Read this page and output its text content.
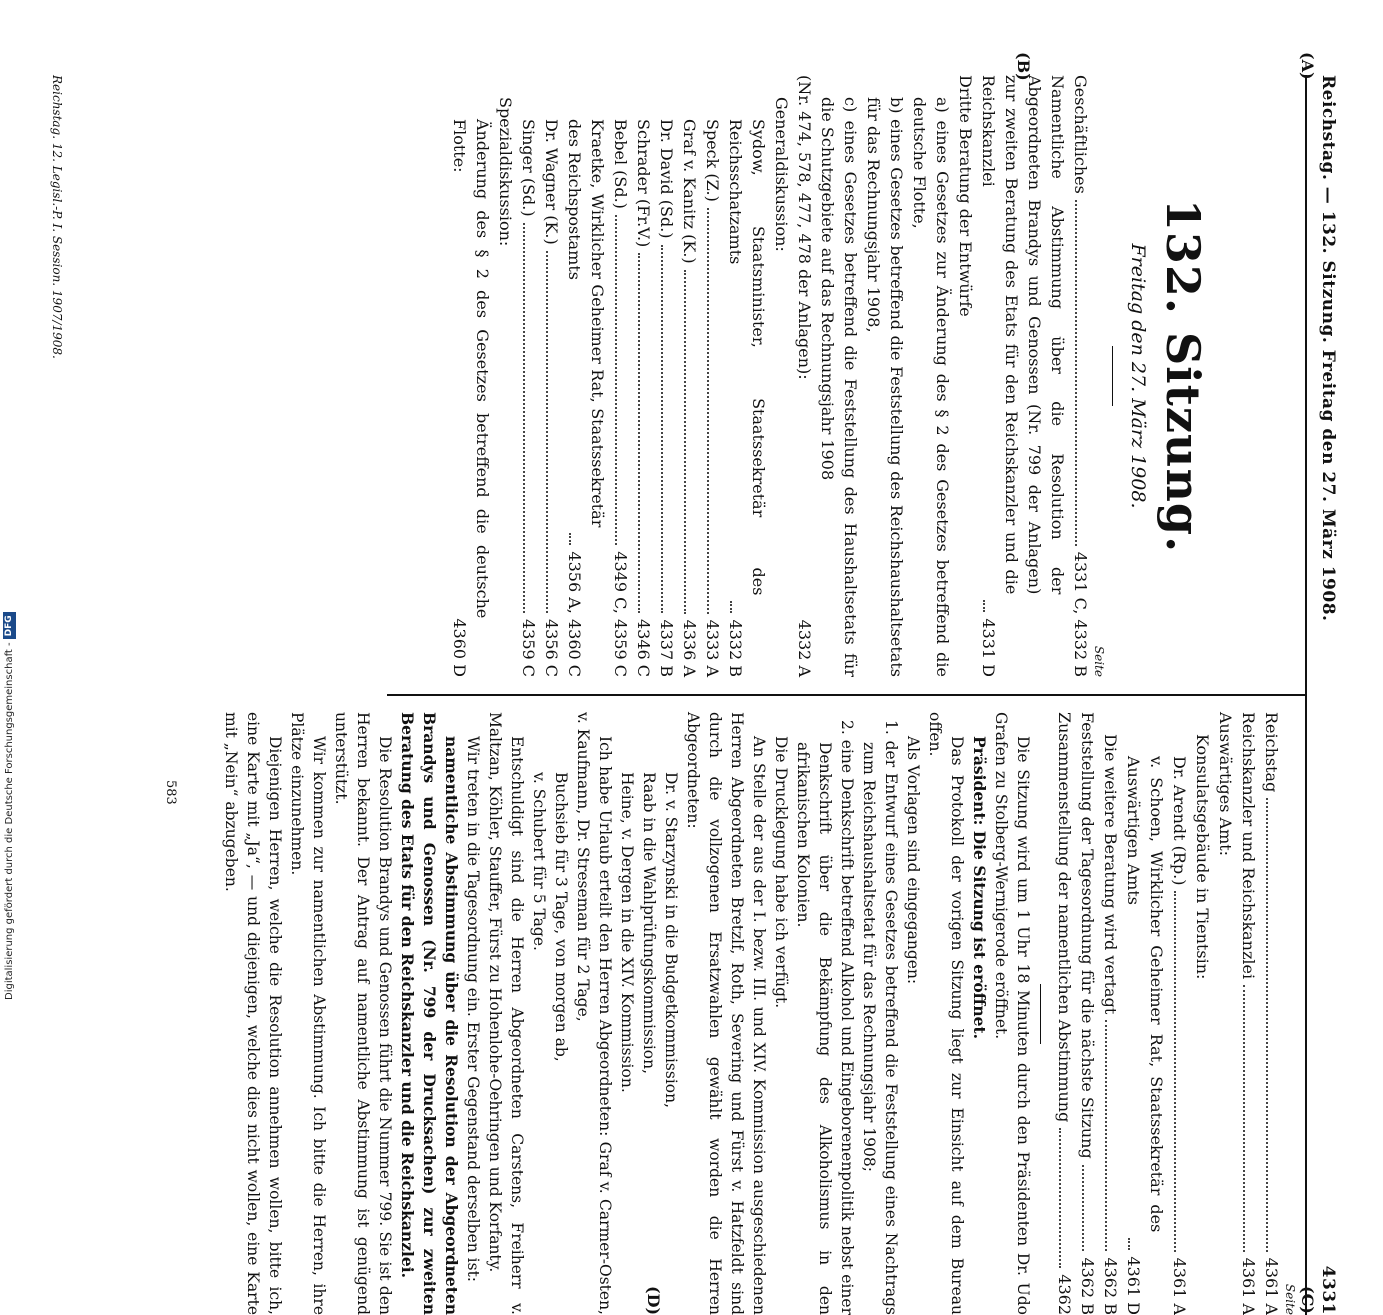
Reichstag. — 132. Sitzung. Freitag den 27. März 1908.
4331
(A)
(B)
(C)
(D)
132. Sitzung.
Freitag den 27. März 1908.
Seite
Geschäftliches
4331 C, 4332 B
Namentliche Abstimmung über die Resolution der Abgeordneten Brandys und Genossen (Nr. 799 der Anlagen) zur zweiten Beratung des Etats für den Reichskanzler und die Reichskanzlei
4331 D
Dritte Beratung der Entwürfe
a) eines Gesetzes zur Änderung des § 2 des Gesetzes betreffend die deutsche Flotte,
b) eines Gesetzes betreffend die Feststellung des Reichshaushaltsetats für das Rechnungsjahr 1908,
c) eines Gesetzes betreffend die Feststellung des Haushaltsetats für die Schutzgebiete auf das Rechnungsjahr 1908
(Nr. 474, 578, 477, 478 der Anlagen):
4332 A
Generaldiskussion:
Sydow, Staatsminister, Staatssekretär des Reichsschatzamts
4332 B
Speck (Z.)
4333 A
Graf v. Kanitz (K.)
4336 A
Dr. David (Sd.)
4337 B
Schrader (Fr.V.)
4346 C
Bebel (Sd.)
4349 C, 4359 C
Kraetke, Wirklicher Geheimer Rat, Staatssekretär des Reichspostamts
4356 A, 4360 C
Dr. Wagner (K.)
4356 C
Singer (Sd.)
4359 C
Spezialdiskussion:
Änderung des § 2 des Gesetzes betreffend die deutsche Flotte:
4360 D
Reichstag. 12. Legisl.-P. I. Session. 1907/1908.
Seite
Reichstag
4361 A
Reichskanzler und Reichskanzlei
4361 A
Auswärtiges Amt:
Konsulatsgebäude in Tientsin:
Dr. Arendt (Rp.)
4361 A
v. Schoen, Wirklicher Geheimer Rat, Staatssekretär des Auswärtigen Amts
4361 D
Die weitere Beratung wird vertagt
4362 B
Feststellung der Tagesordnung für die nächste Sitzung
4362 B
Zusammenstellung der namentlichen Abstimmung
4362

Die Sitzung wird um 1 Uhr 18 Minuten durch den Präsidenten Dr. Udo Grafen zu Stolberg-Wernigerode eröffnet.

Präsident: Die Sitzung ist eröffnet.

Das Protokoll der vorigen Sitzung liegt zur Einsicht auf dem Bureau offen.

Als Vorlagen sind eingegangen:

1. der Entwurf eines Gesetzes betreffend die Feststellung eines Nachtrags zum Reichshaushaltsetat für das Rechnungsjahr 1908;
2. eine Denkschrift betreffend Alkohol und Eingeborenenpolitik nebst einer Denkschrift über die Bekämpfung des Alkoholismus in den afrikanischen Kolonien.

Die Drucklegung habe ich verfügt.

An Stelle der aus der I. bezw. III. und XIV. Kommission ausgeschiedenen Herren Abgeordneten Bretzlf, Roth, Severing und Fürst v. Hatzfeldt sind durch die vollzogenen Ersatzwahlen gewählt worden die Herren Abgeordneten:

Dr. v. Starzynski in die Budgetkommission,
Raab in die Wahlprüfungskommission,
Heine, v. Dergen in die XIV. Kommission.

Ich habe Urlaub erteilt den Herren Abgeordneten: Graf v. Carmer-Osten, v. Kaufmann, Dr. Streseman für 2 Tage,

Buchsieb für 3 Tage, von morgen ab,
v. Schubert für 5 Tage.

Entschuldigt sind die Herren Abgeordneten Carstens, Freiherr v. Maltzan, Köhler, Stauffer, Fürst zu Hohenlohe-Oehringen und Korfanty.

Wir treten in die Tagesordnung ein. Erster Gegenstand derselben ist:

namentliche Abstimmung über die Resolution der Abgeordneten Brandys und Genossen (Nr. 799 der Drucksachen) zur zweiten Beratung des Etats für den Reichskanzler und die Reichskanzlei.

Die Resolution Brandys und Genossen führt die Nummer 799. Sie ist den Herren bekannt. Der Antrag auf namentliche Abstimmung ist genügend unterstützt.

Wir kommen zur namentlichen Abstimmung. Ich bitte die Herren, ihre Plätze einzunehmen.

Diejenigen Herren, welche die Resolution annehmen wollen, bitte ich, eine Karte mit „Ja“, — und diejenigen, welche dies nicht wollen, eine Karte mit „Nein“ abzugeben.

583
Digitalisierung gefördert durch die Deutsche Forschungsgemeinschaft -
DFG
